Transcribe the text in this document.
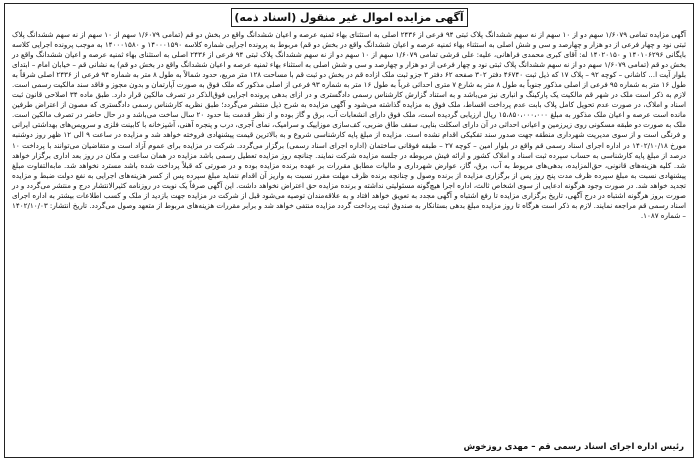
آگهی مزایده اموال غیر منقول (اسناد ذمه)
آگهی مزایده تمامی ۱/۶۰۷۹ سهم دو از ۱۰ سهم از نه سهم ششدانگ پلاک ثبتی ۹۴ فرعی از ۲۴۳۶ اصلی به استثنای بهاء ثمنیه عرصه و اعیان ششدانگ واقع در بخش دو قم (تمامی ۱/۶۰۷۹ سهم از ۱۰ سهم از نه سهم ششدانگ پلاک ثبتی نود و چهار فرعی از دو هزار و چهارصد و سی و شش اصلی به استثناء بهاء ثمنیه عرصه و اعیان ششدانگ واقع در بخش دو قم) مربوط به پرونده اجرایی شماره کلاسه ۱۴۰۰۰۱۵۹۰ و ۱۴۰۰۰۱۵۸۰ به موجب پرونده اجرایی کلاسه بایگانی ۱۴۰۱۰۶۲۹۶ و ۱۴۰۲۰۱۵۰ له: آقای کبری محمدی فراهانی، علیه: علی قرشی تمامی ۱/۶۰۷۹ سهم از ۱۰ سهم دو از نه سهم ششدانگ پلاک ثبتی ۹۴ فرعی از ۲۴۳۶ اصلی به استثنای بهاء ثمنیه عرصه و اعیان ششدانگ واقع در بخش دو قم (تمامی ۱/۶۰۷۹ سهم دو از نه سهم ششدانگ پلاک ثبتی نود و چهار فرعی از دو هزار و چهارصد و سی و شش اصلی به استثناء بهاء ثمنیه عرصه و اعیان ششدانگ واقع در بخش دو قم) به نشانی قم – خیابان امام – ابتدای بلوار آیت ا... کاشانی – کوچه ۹۲ – پلاک ۱۷ که ذیل ثبت ۴۶۷۴۰ دفتر ۳۰۲ صفحه ۶۲ دفتر ۳ جزو ثبت ملک ازاده قم در بخش دو ثبت قم با مساحت ۱۲۸ متر مربع، حدود شمالاً به طول ۸ متر به شماره ۹۴ فرعی از ۲۴۳۶ اصلی شرقاً به طول ۱۶ متر به شماره ۹۵ فرعی از اصلی مذکور جنوباً به طول ۸ متر به شارع ۷ متری احداثی غرباً به طول ۱۶ متر به شماره ۹۳ فرعی از اصلی مذکور که ملک فوق به صورت آپارتمان و بدون مجوز و فاقد سند مالکیت رسمی است. لازم به ذکر است ملک در شهر قم مالکیت یک پارکینگ و انباری نیز می‌باشد و به استناد گزارش کارشناس رسمی دادگستری و در ازای بدهی پرونده اجرایی فوق‌الذکر در تصرف مالکین قرار دارد. طبق ماده ۳۴ اصلاحی قانون ثبت اسناد و املاک، در صورت عدم تحویل کامل پلاک بابت عدم پرداخت اقساط، ملک فوق به مزایده گذاشته می‌شود و آگهی مزایده به شرح ذیل منتشر می‌گردد؛ طبق نظریه کارشناس رسمی دادگستری که مصون از اعتراض طرفین مانده است عرصه و اعیان ملک مذکور به مبلغ ۱۵،۸۵۰،۰۰۰،۰۰۰ ریال ارزیابی گردیده است، ملک فوق دارای انشعابات آب، برق و گاز بوده و از نظر قدمت بنا حدود ۲۰ سال ساخت می‌باشد و در حال حاضر در تصرف مالکین است. ملک به صورت دو طبقه مسکونی روی زیرزمین و اعیانی احداثی در آن دارای اسکلت بنایی، سقف طاق ضربی، کف‌سازی موزاییک و سرامیک، نمای آجری، درب و پنجره آهنی، آشپزخانه با کابینت فلزی و سرویس‌های بهداشتی ایرانی و فرنگی است و از سوی مدیریت شهرداری منطقه جهت صدور سند تفکیکی اقدام نشده است. مزایده از مبلغ پایه کارشناسی شروع و به بالاترین قیمت پیشنهادی فروخته خواهد شد و مزایده در ساعت ۹ الی ۱۲ ظهر روز دوشنبه مورخ ۱۴۰۲/۱۰/۱۸ در اداره اجرای اسناد رسمی قم واقع در بلوار امین – کوچه ۲۷ – طبقه فوقانی ساختمان (اداره اجرای اسناد رسمی) برگزار می‌گردد. شرکت در مزایده برای عموم آزاد است و متقاضیان می‌توانند با پرداخت ۱۰ درصد از مبلغ پایه کارشناسی به حساب سپرده ثبت اسناد و املاک کشور و ارائه فیش مربوطه در جلسه مزایده شرکت نمایند. چنانچه روز مزایده تعطیل رسمی باشد مزایده در همان ساعت و مکان در روز بعد اداری برگزار خواهد شد. کلیه هزینه‌های قانونی، حق‌المزایده، بدهی‌های مربوط به آب، برق، گاز، عوارض شهرداری و مالیات مطابق مقررات بر عهده برنده مزایده بوده و در صورتی که قبلاً پرداخت شده باشد مسترد نخواهد شد. مابه‌التفاوت مبلغ پیشنهادی نسبت به مبلغ سپرده ظرف مدت پنج روز پس از برگزاری مزایده از برنده وصول و چنانچه برنده ظرف مهلت مقرر نسبت به واریز آن اقدام ننماید مبلغ سپرده پس از کسر هزینه‌های اجرایی به نفع دولت ضبط و مزایده تجدید خواهد شد. در صورت وجود هرگونه ادعایی از سوی اشخاص ثالث، اداره اجرا هیچ‌گونه مسئولیتی نداشته و برنده مزایده حق اعتراض نخواهد داشت. این آگهی صرفاً یک نوبت در روزنامه کثیرالانتشار درج و منتشر می‌گردد و در صورت بروز هرگونه اشتباه در درج آگهی، تاریخ برگزاری مزایده تا رفع اشتباه و آگهی مجدد به تعویق خواهد افتاد و به علاقه‌مندان توصیه می‌شود قبل از شرکت در مزایده جهت بازدید از ملک و کسب اطلاعات بیشتر به اداره اجرای اسناد رسمی قم مراجعه نمایند. لازم به ذکر است هرگاه تا روز مزایده مبلغ بدهی بستانکار به صندوق ثبت پرداخت گردد مزایده منتفی خواهد شد و برابر مقررات هزینه‌های مربوط از متعهد وصول می‌گردد. تاریخ انتشار: ۱۴۰۲/۱۰/۰۳ – شماره ۱۰۸۷.
رئیس اداره اجرای اسناد رسمی قم – مهدی روزخوش
